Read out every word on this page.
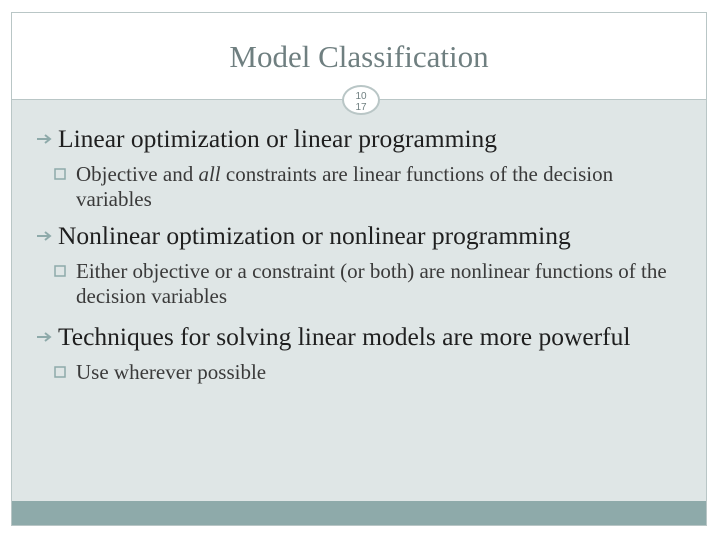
Model Classification
10
17
Linear optimization or linear programming
Objective and all constraints are linear functions of the decision variables
Nonlinear optimization or nonlinear programming
Either objective or a constraint (or both) are nonlinear functions of the decision variables
Techniques for solving linear models are more powerful
Use wherever possible
